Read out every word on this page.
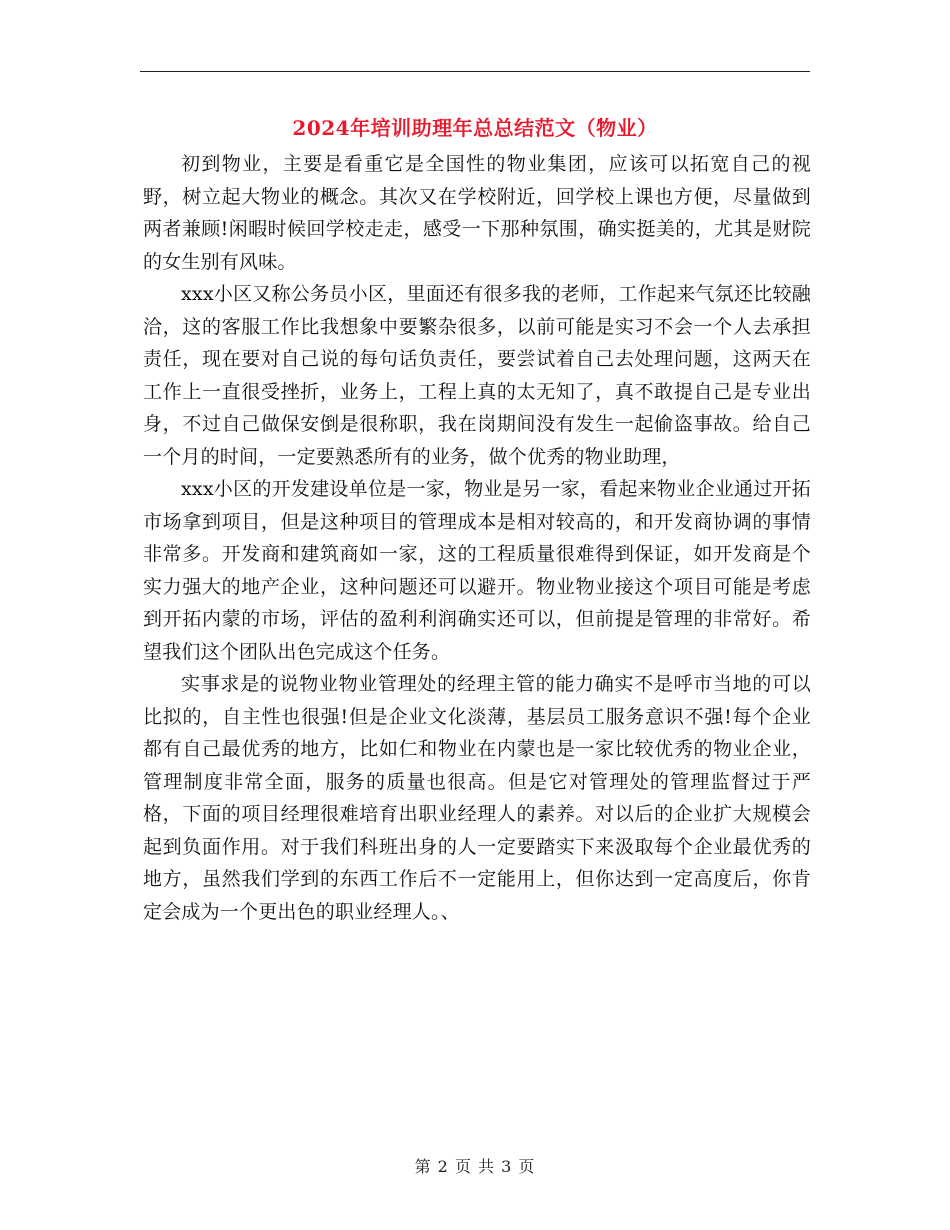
2024年培训助理年总总结范文（物业）

初到物业，主要是看重它是全国性的物业集团，应该可以拓宽自己的视野，树立起大物业的概念。其次又在学校附近，回学校上课也方便，尽量做到两者兼顾!闲暇时候回学校走走，感受一下那种氛围，确实挺美的，尤其是财院的女生别有风味。

xxx小区又称公务员小区，里面还有很多我的老师，工作起来气氛还比较融洽，这的客服工作比我想象中要繁杂很多，以前可能是实习不会一个人去承担责任，现在要对自己说的每句话负责任，要尝试着自己去处理问题，这两天在工作上一直很受挫折，业务上，工程上真的太无知了，真不敢提自己是专业出身，不过自己做保安倒是很称职，我在岗期间没有发生一起偷盗事故。给自己一个月的时间，一定要熟悉所有的业务，做个优秀的物业助理，

xxx小区的开发建设单位是一家，物业是另一家，看起来物业企业通过开拓市场拿到项目，但是这种项目的管理成本是相对较高的，和开发商协调的事情非常多。开发商和建筑商如一家，这的工程质量很难得到保证，如开发商是个实力强大的地产企业，这种问题还可以避开。物业物业接这个项目可能是考虑到开拓内蒙的市场，评估的盈利利润确实还可以，但前提是管理的非常好。希望我们这个团队出色完成这个任务。

实事求是的说物业物业管理处的经理主管的能力确实不是呼市当地的可以比拟的，自主性也很强!但是企业文化淡薄，基层员工服务意识不强!每个企业都有自己最优秀的地方，比如仁和物业在内蒙也是一家比较优秀的物业企业，管理制度非常全面，服务的质量也很高。但是它对管理处的管理监督过于严格，下面的项目经理很难培育出职业经理人的素养。对以后的企业扩大规模会起到负面作用。对于我们科班出身的人一定要踏实下来汲取每个企业最优秀的地方，虽然我们学到的东西工作后不一定能用上，但你达到一定高度后，你肯定会成为一个更出色的职业经理人。、

第 2 页 共 3 页
